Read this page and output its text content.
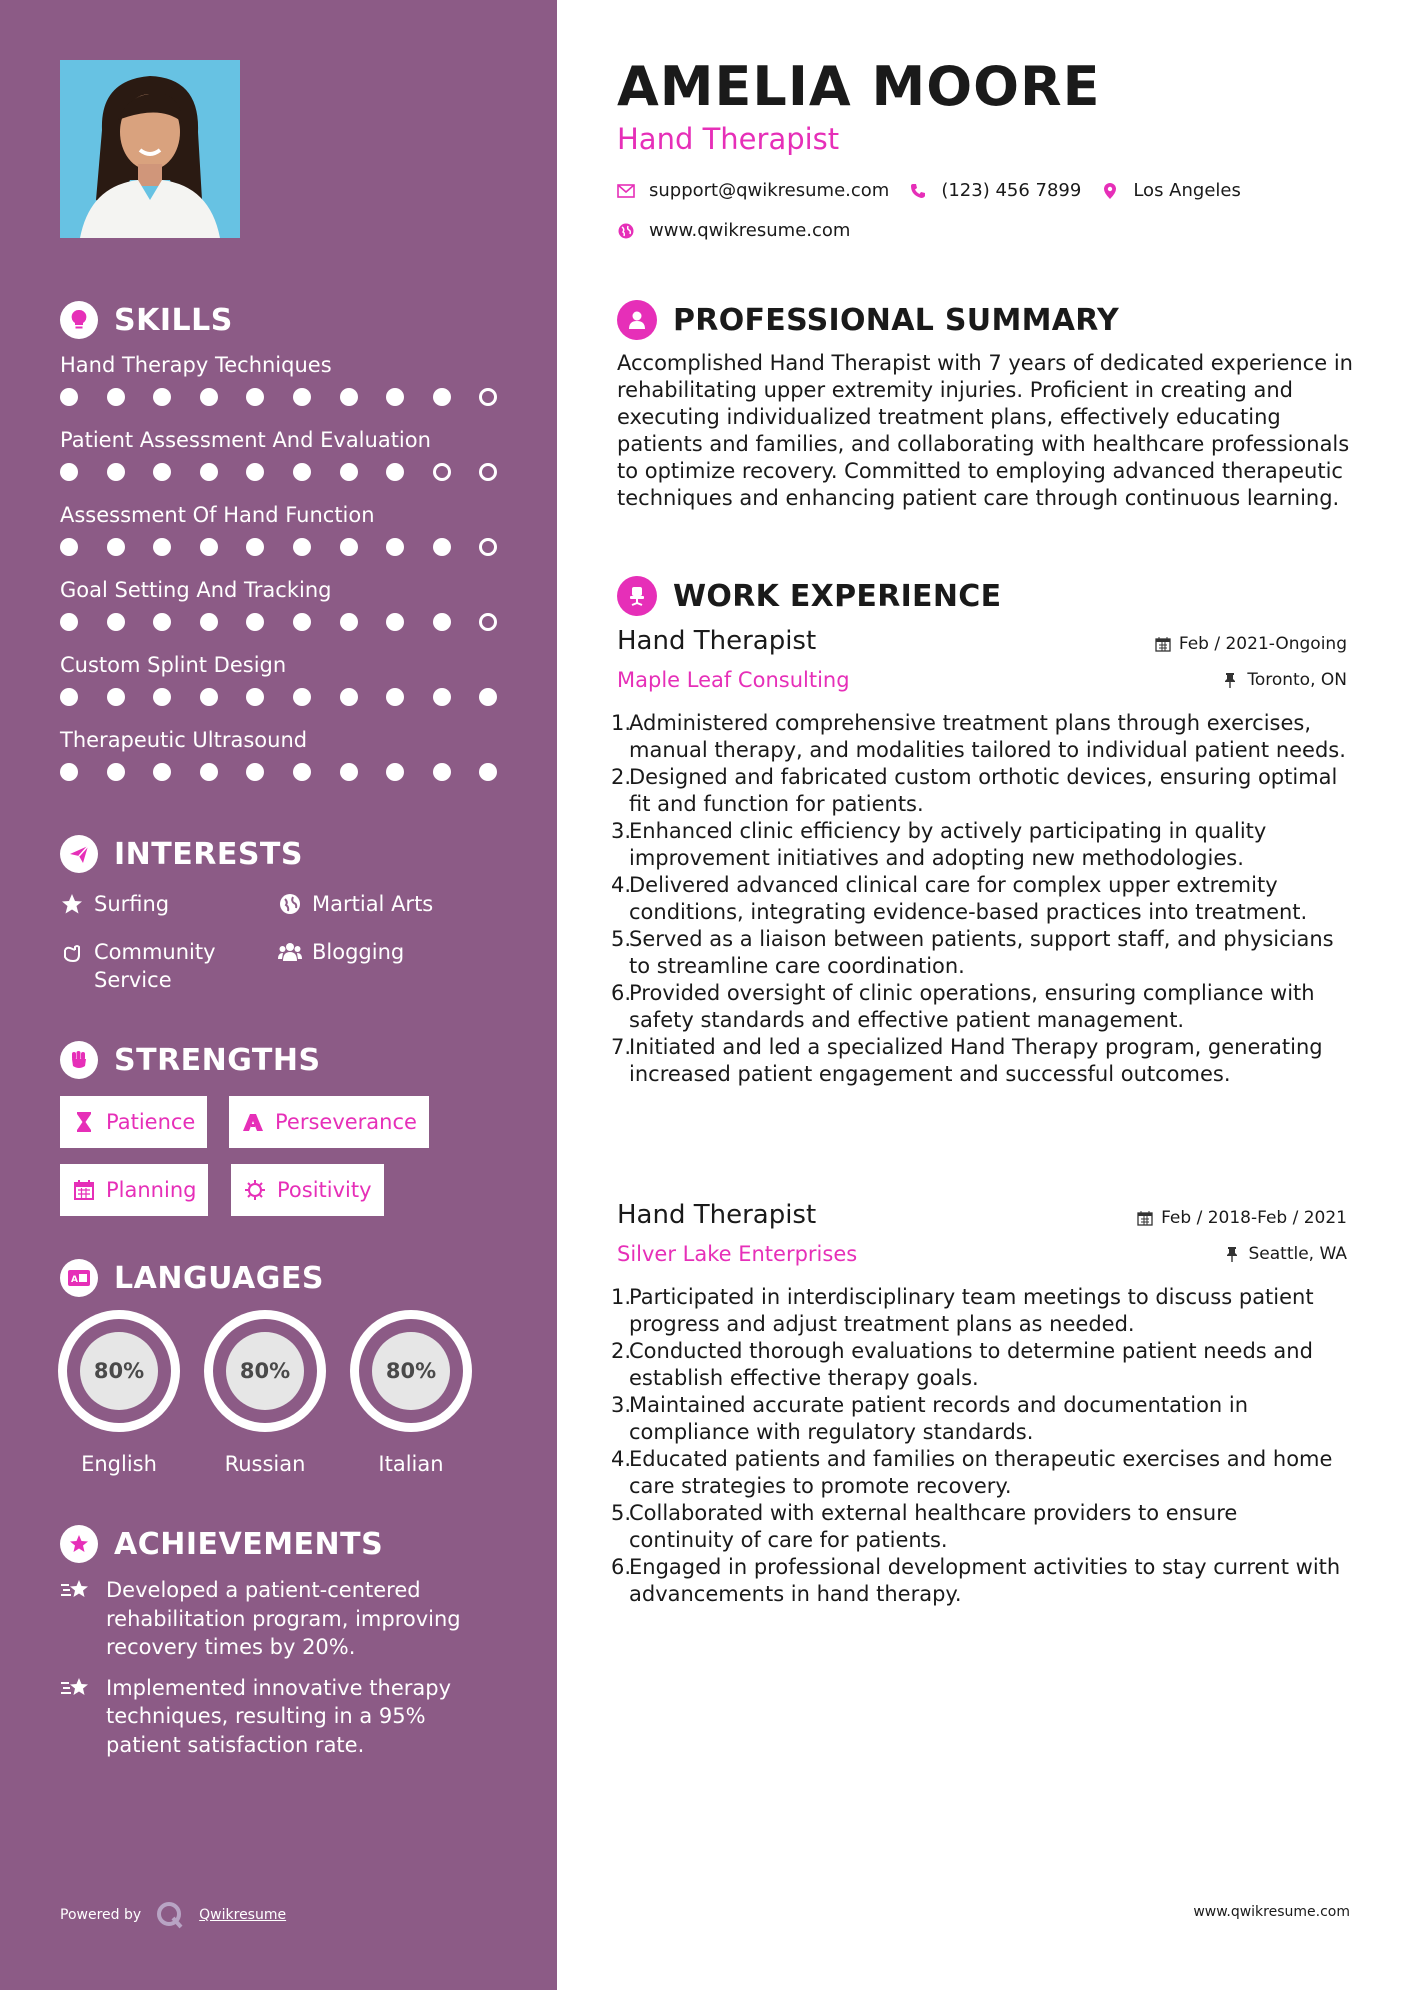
SKILLS
Hand Therapy Techniques
Patient Assessment And Evaluation
Assessment Of Hand Function
Goal Setting And Tracking
Custom Splint Design
Therapeutic Ultrasound
INTERESTS
Surfing	Martial Arts
Community Service
Blogging
STRENGTHS
Patience	Perseverance
Planning	Positivity
A LANGUAGES
80%
English
80%
Russian
80%
Italian
ACHIEVEMENTS
Developed a patient-centered rehabilitation program, improving recovery times by 20%.
Implemented innovative therapy techniques, resulting in a 95% patient satisfaction rate.
Powered by	Qwikresume
AMELIA MOORE
Hand Therapist
support@qwikresume.com	(123) 456 7899	Los Angeles
www.qwikresume.com
PROFESSIONAL SUMMARY
Accomplished Hand Therapist with 7 years of dedicated experience in rehabilitating upper extremity injuries. Proficient in creating and executing individualized treatment plans, effectively educating patients and families, and collaborating with healthcare professionals to optimize recovery. Committed to employing advanced therapeutic techniques and enhancing patient care through continuous learning.
WORK EXPERIENCE
Hand Therapist	Feb / 2021-Ongoing
Maple Leaf Consulting	Toronto, ON
1.
Administered comprehensive treatment plans through exercises, manual therapy, and modalities tailored to individual patient needs.
2.
Designed and fabricated custom orthotic devices, ensuring optimal fit and function for patients.
3.
Enhanced clinic efficiency by actively participating in quality improvement initiatives and adopting new methodologies.
4.
Delivered advanced clinical care for complex upper extremity conditions, integrating evidence-based practices into treatment.
5.
Served as a liaison between patients, support staff, and physicians to streamline care coordination.
6.
Provided oversight of clinic operations, ensuring compliance with safety standards and effective patient management.
7.
Initiated and led a specialized Hand Therapy program, generating increased patient engagement and successful outcomes.
Hand Therapist	Feb / 2018-Feb / 2021
Silver Lake Enterprises	Seattle, WA
1.
Participated in interdisciplinary team meetings to discuss patient progress and adjust treatment plans as needed.
2.
Conducted thorough evaluations to determine patient needs and establish effective therapy goals.
3.
Maintained accurate patient records and documentation in compliance with regulatory standards.
4.
Educated patients and families on therapeutic exercises and home care strategies to promote recovery.
5.
Collaborated with external healthcare providers to ensure continuity of care for patients.
6.
Engaged in professional development activities to stay current with advancements in hand therapy.
www.qwikresume.com
